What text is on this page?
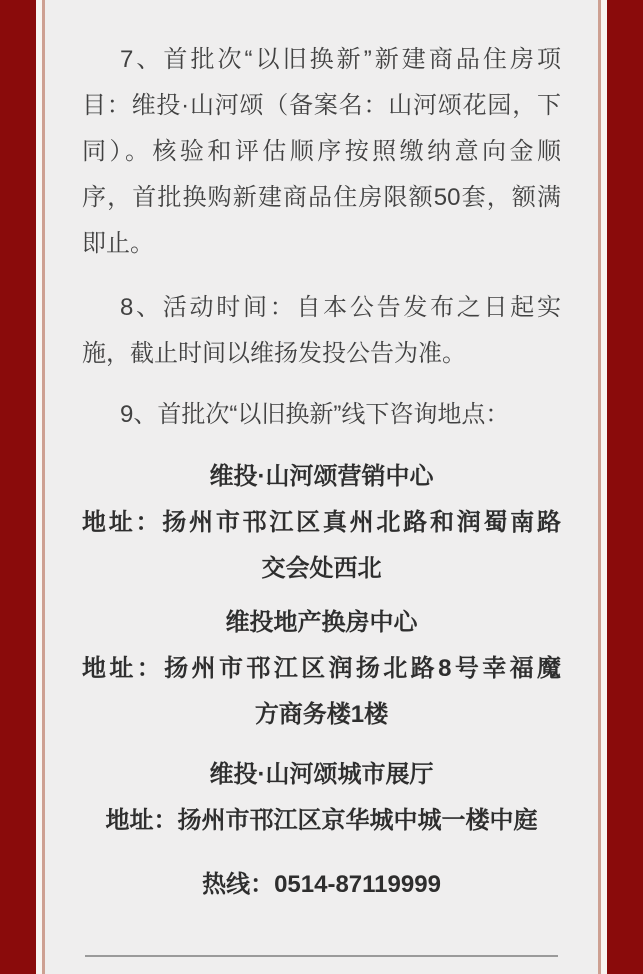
7、首批次“以旧换新”新建商品住房项
目：维投·山河颂（备案名：山河颂花园，下
同）。核验和评估顺序按照缴纳意向金顺
序，首批换购新建商品住房限额50套，额满
即止。
8、活动时间：自本公告发布之日起实
施，截止时间以维扬发投公告为准。
9、首批次“以旧换新”线下咨询地点：
维投·山河颂营销中心
地址：扬州市邗江区真州北路和润蜀南路
交会处西北
维投地产换房中心
地址：扬州市邗江区润扬北路8号幸福魔
方商务楼1楼
维投·山河颂城市展厅
地址：扬州市邗江区京华城中城一楼中庭
热线：0514-87119999
